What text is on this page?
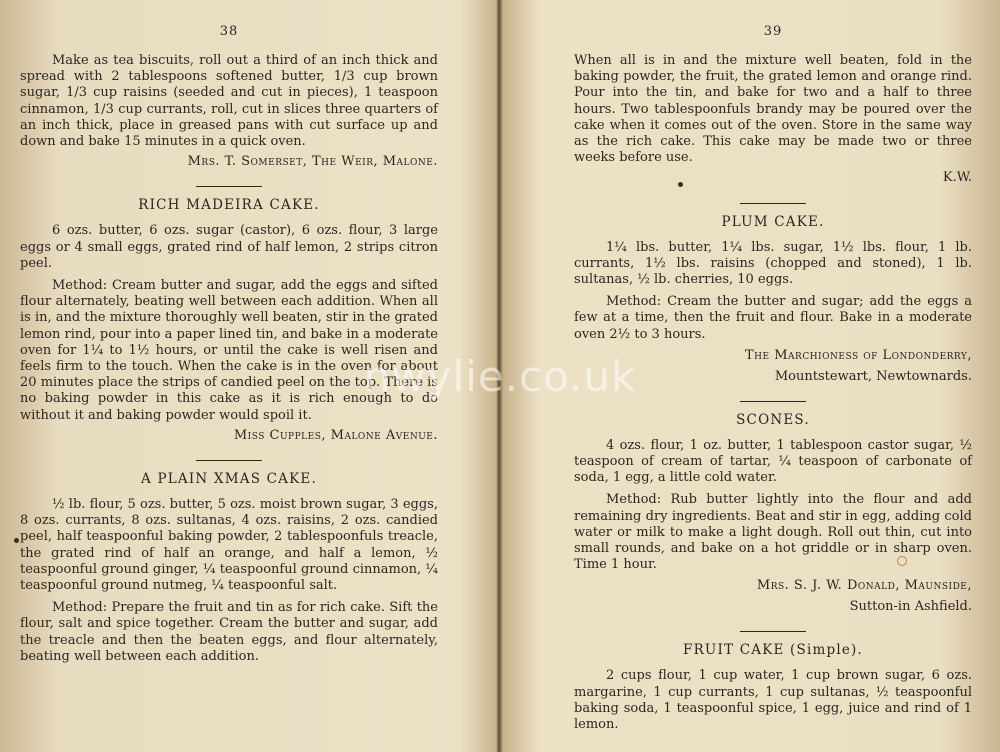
38

Make as tea biscuits, roll out a third of an inch thick and spread with 2 tablespoons softened butter, 1/3 cup brown sugar, 1/3 cup raisins (seeded and cut in pieces), 1 teaspoon cinnamon, 1/3 cup currants, roll, cut in slices three quarters of an inch thick, place in greased pans with cut surface up and down and bake 15 minutes in a quick oven.

Mrs. T. Somerset, The Weir, Malone.
RICH MADEIRA CAKE.

6 ozs. butter, 6 ozs. sugar (castor), 6 ozs. flour, 3 large eggs or 4 small eggs, grated rind of half lemon, 2 strips citron peel.

Method: Cream butter and sugar, add the eggs and sifted flour alternately, beating well between each addition. When all is in, and the mixture thoroughly well beaten, stir in the grated lemon rind, pour into a paper lined tin, and bake in a moderate oven for 1¼ to 1½ hours, or until the cake is well risen and feels firm to the touch. When the cake is in the oven for about 20 minutes place the strips of candied peel on the top. There is no baking powder in this cake as it is rich enough to do without it and baking powder would spoil it.

Miss Cupples, Malone Avenue.
A PLAIN XMAS CAKE.

½ lb. flour, 5 ozs. butter, 5 ozs. moist brown sugar, 3 eggs, 8 ozs. currants, 8 ozs. sultanas, 4 ozs. raisins, 2 ozs. candied peel, half teaspoonful baking powder, 2 tablespoonfuls treacle, the grated rind of half an orange, and half a lemon, ½ teaspoonful ground ginger, ¼ teaspoonful ground cinnamon, ¼ teaspoonful ground nutmeg, ¼ teaspoonful salt.

Method: Prepare the fruit and tin as for rich cake. Sift the flour, salt and spice together. Cream the butter and sugar, add the treacle and then the beaten eggs, and flour alternately, beating well between each addition.

39

When all is in and the mixture well beaten, fold in the baking powder, the fruit, the grated lemon and orange rind. Pour into the tin, and bake for two and a half to three hours. Two tablespoonfuls brandy may be poured over the cake when it comes out of the oven. Store in the same way as the rich cake. This cake may be made two or three weeks before use.

K.W.
PLUM CAKE.

1¼ lbs. butter, 1¼ lbs. sugar, 1½ lbs. flour, 1 lb. currants, 1½ lbs. raisins (chopped and stoned), 1 lb. sultanas, ½ lb. cherries, 10 eggs.

Method: Cream the butter and sugar; add the eggs a few at a time, then the fruit and flour. Bake in a moderate oven 2½ to 3 hours.

The Marchioness of Londonderry,
Mountstewart, Newtownards.
SCONES.

4 ozs. flour, 1 oz. butter, 1 tablespoon castor sugar, ½ teaspoon of cream of tartar, ¼ teaspoon of carbonate of soda, 1 egg, a little cold water.

Method: Rub butter lightly into the flour and add remaining dry ingredients. Beat and stir in egg, adding cold water or milk to make a light dough. Roll out thin, cut into small rounds, and bake on a hot griddle or in sharp oven. Time 1 hour.

Mrs. S. J. W. Donald, Maunside,
Sutton-in Ashfield.
FRUIT CAKE (Simple).

2 cups flour, 1 cup water, 1 cup brown sugar, 6 ozs. margarine, 1 cup currants, 1 cup sultanas, ½ teaspoonful baking soda, 1 teaspoonful spice, 1 egg, juice and rind of 1 lemon.

nwylie.co.uk
